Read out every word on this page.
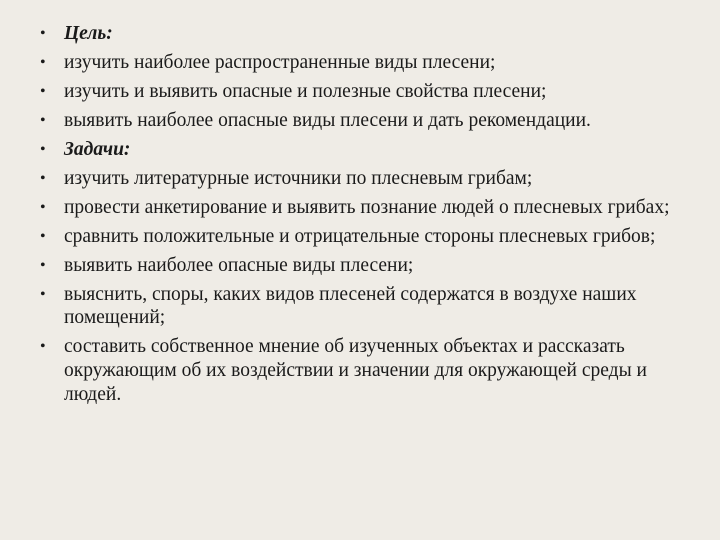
• Цель:
• изучить наиболее распространенные виды плесени;
• изучить и выявить опасные и полезные свойства плесени;
• выявить наиболее опасные виды плесени и дать рекомендации.
• Задачи:
• изучить литературные источники по плесневым грибам;
• провести анкетирование и выявить познание людей о плесневых грибах;
• сравнить положительные и отрицательные стороны плесневых грибов;
• выявить наиболее опасные виды плесени;
• выяснить, споры, каких видов плесеней содержатся в воздухе наших помещений;
• составить собственное мнение об изученных объектах и рассказать окружающим об их воздействии и значении для окружающей среды и людей.
